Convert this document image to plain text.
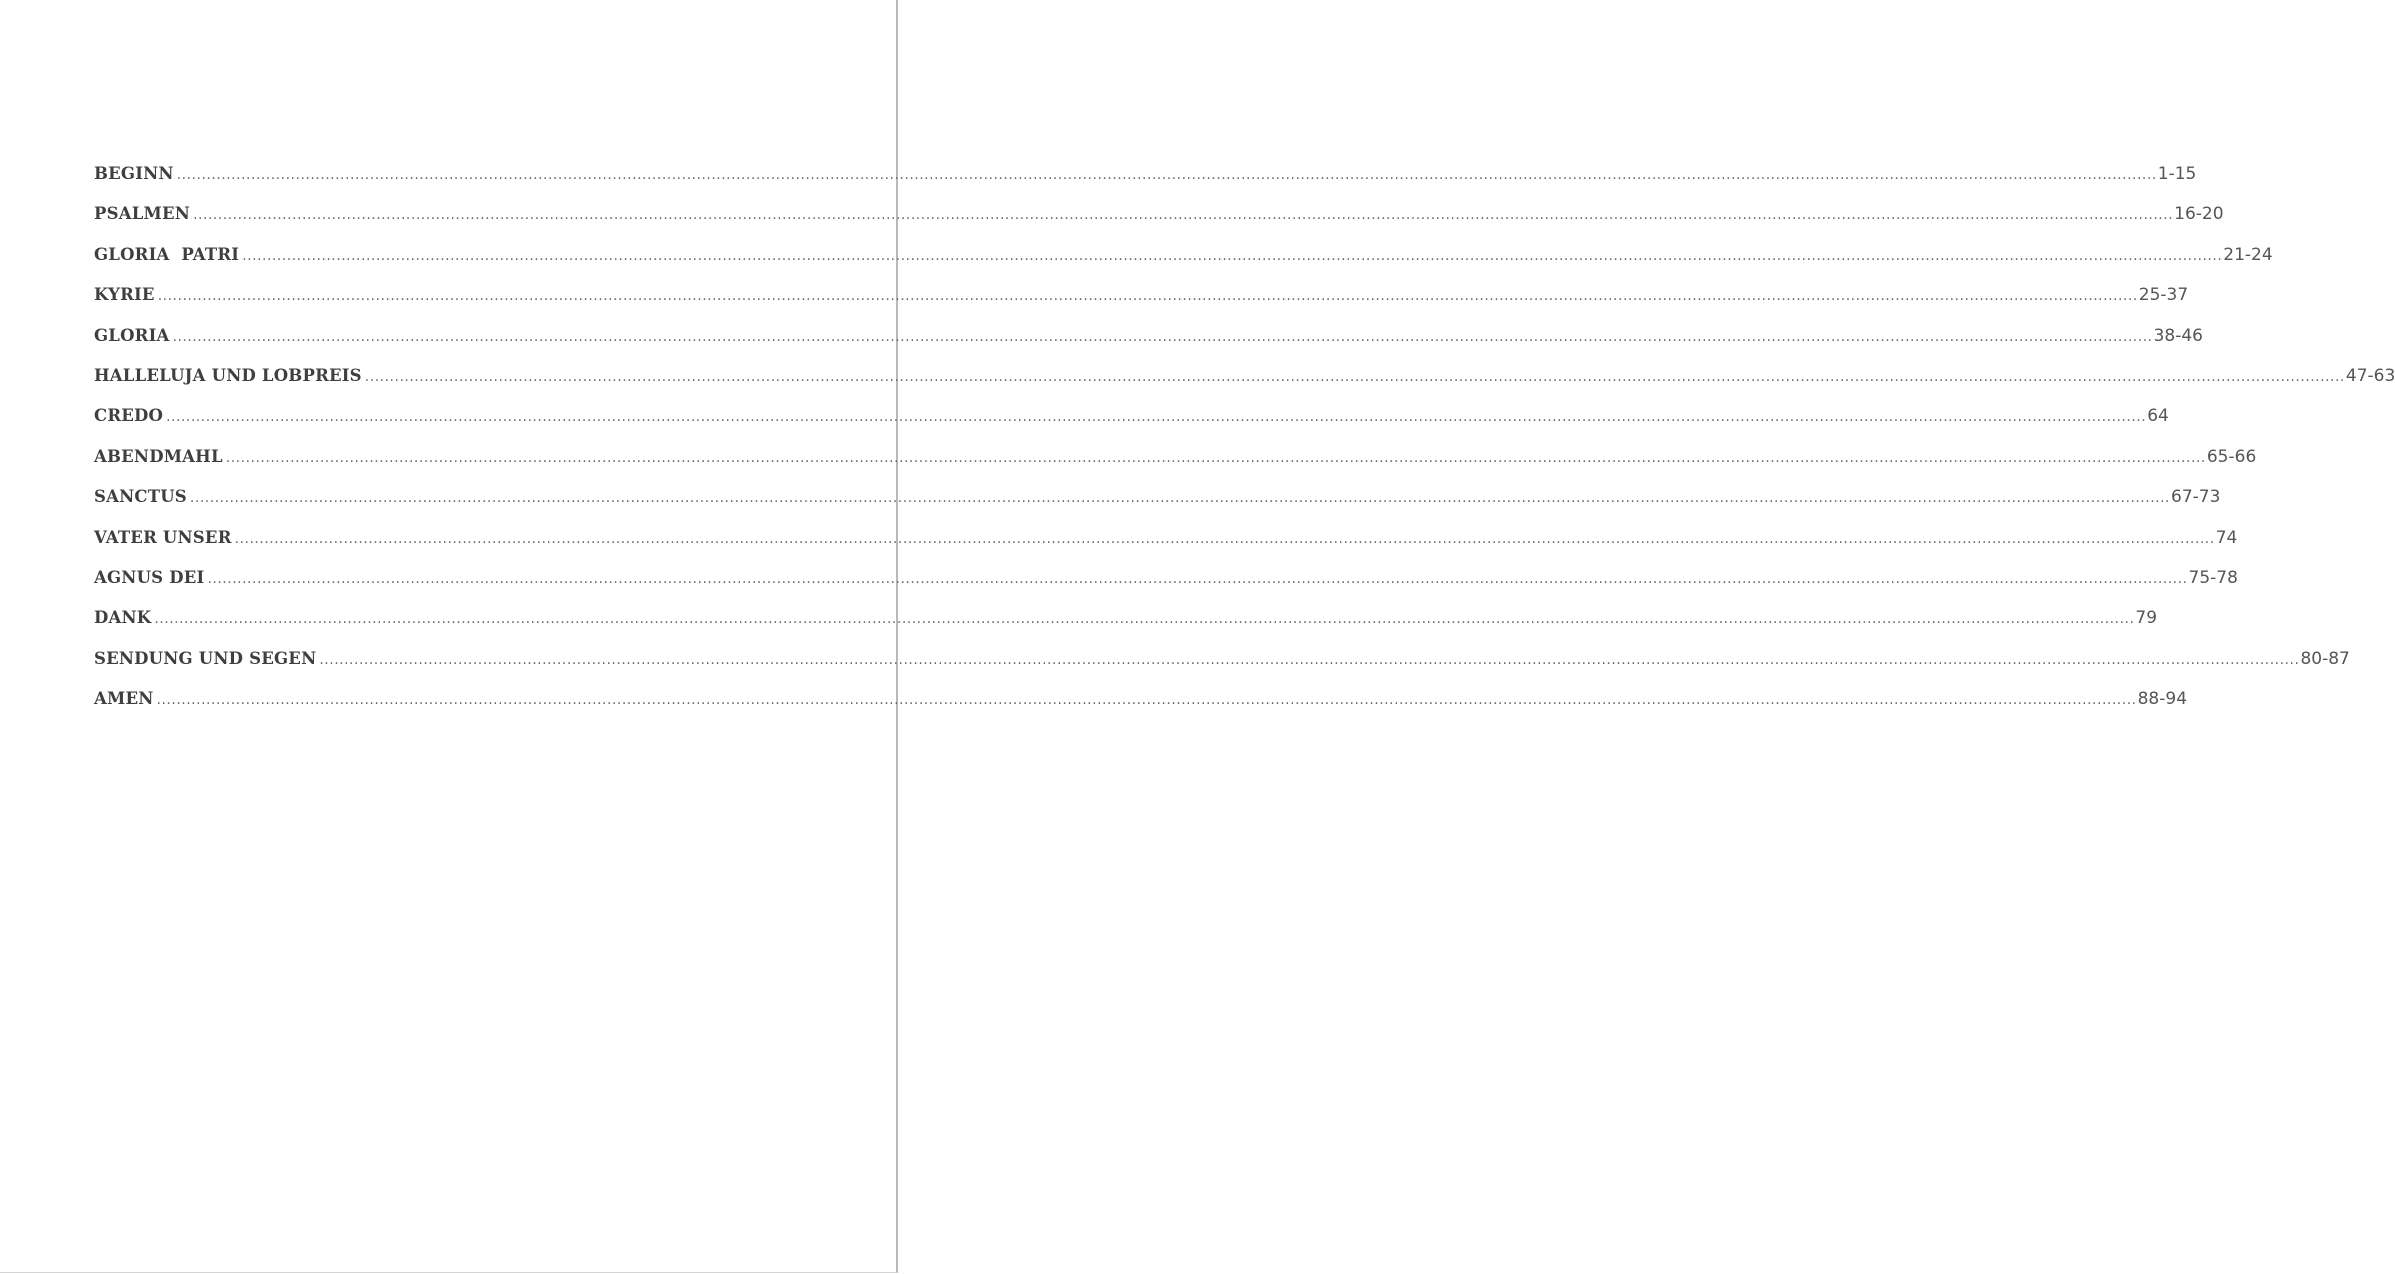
BEGINN ................................................................................................................................................................................................................................................................................................................................................................................................................ 1-15
PSALMEN ................................................................................................................................................................................................................................................................................................................................................................................................................ 16-20
GLORIA  PATRI ................................................................................................................................................................................................................................................................................................................................................................................................................ 21-24
KYRIE ................................................................................................................................................................................................................................................................................................................................................................................................................ 25-37
GLORIA ................................................................................................................................................................................................................................................................................................................................................................................................................ 38-46
HALLELUJA UND LOBPREIS ................................................................................................................................................................................................................................................................................................................................................................................................................ 47-63
CREDO ................................................................................................................................................................................................................................................................................................................................................................................................................ 64
ABENDMAHL ................................................................................................................................................................................................................................................................................................................................................................................................................ 65-66
SANCTUS ................................................................................................................................................................................................................................................................................................................................................................................................................ 67-73
VATER UNSER ................................................................................................................................................................................................................................................................................................................................................................................................................ 74
AGNUS DEI ................................................................................................................................................................................................................................................................................................................................................................................................................ 75-78
DANK ................................................................................................................................................................................................................................................................................................................................................................................................................ 79
SENDUNG UND SEGEN ................................................................................................................................................................................................................................................................................................................................................................................................................ 80-87
AMEN ................................................................................................................................................................................................................................................................................................................................................................................................................ 88-94
